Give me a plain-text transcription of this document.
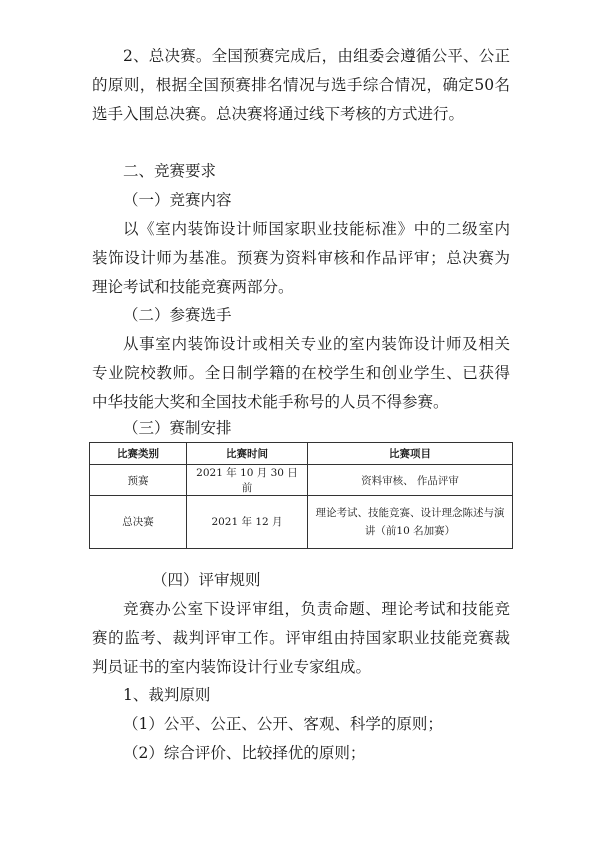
2、总决赛。全国预赛完成后，由组委会遵循公平、公正的原则，根据全国预赛排名情况与选手综合情况，确定50名选手入围总决赛。总决赛将通过线下考核的方式进行。

二、竞赛要求

（一）竞赛内容

以《室内装饰设计师国家职业技能标准》中的二级室内装饰设计师为基准。预赛为资料审核和作品评审；总决赛为理论考试和技能竞赛两部分。

（二）参赛选手

从事室内装饰设计或相关专业的室内装饰设计师及相关专业院校教师。全日制学籍的在校学生和创业学生、已获得中华技能大奖和全国技术能手称号的人员不得参赛。

（三）赛制安排

比赛类别	比赛时间	比赛项目
预赛	2021 年 10 月 30 日前	资料审核、 作品评审
总决赛	2021 年 12 月	理论考试、技能竞赛、设计理念陈述与演讲（前10 名加赛）

（四）评审规则

竞赛办公室下设评审组，负责命题、理论考试和技能竞赛的监考、裁判评审工作。评审组由持国家职业技能竞赛裁判员证书的室内装饰设计行业专家组成。

1、裁判原则

（1）公平、公正、公开、客观、科学的原则；

（2）综合评价、比较择优的原则；
